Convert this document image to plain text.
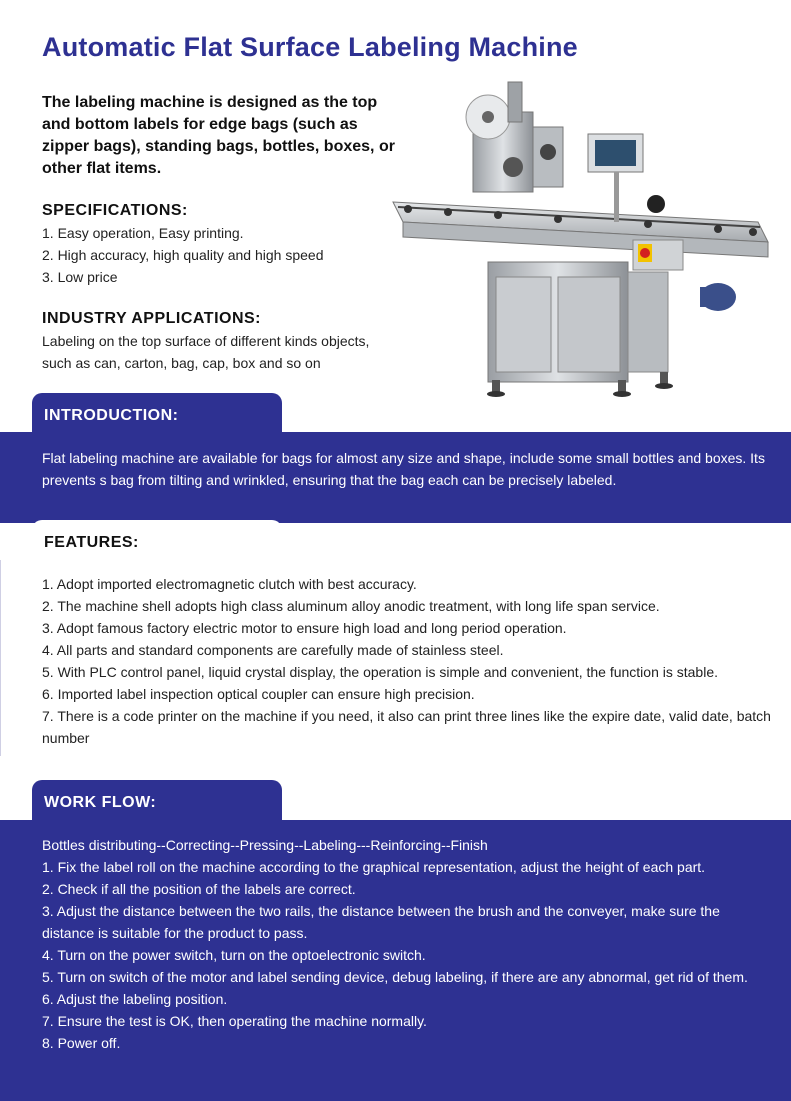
Automatic Flat Surface Labeling Machine
The labeling machine is designed as the top and bottom labels for edge bags (such as zipper bags), standing bags, bottles, boxes, or other flat items.
SPECIFICATIONS:
1. Easy operation, Easy printing.
2. High accuracy, high quality and high speed
3. Low price
INDUSTRY APPLICATIONS:
Labeling on the top surface of different kinds objects, such as can, carton, bag, cap, box and so on
INTRODUCTION:
Flat labeling machine are available for bags for almost any size and shape, include some small bottles and boxes. Its prevents s bag from tilting and wrinkled, ensuring that the bag each can be precisely labeled.
FEATURES:
1. Adopt imported electromagnetic clutch with best accuracy.
2. The machine shell adopts high class aluminum alloy anodic treatment, with long life span service.
3. Adopt famous factory electric motor to ensure high load and long period operation.
4. All parts and standard components are carefully made of stainless steel.
5. With PLC control panel, liquid crystal display, the operation is simple and convenient, the function is stable.
6. Imported label inspection optical coupler can ensure high precision.
7. There is a code printer on the machine if you need, it also can print three lines like the expire date, valid date, batch number
WORK FLOW:
Bottles distributing--Correcting--Pressing--Labeling---Reinforcing--Finish
1. Fix the label roll on the machine according to the graphical representation, adjust the height of each part.
2. Check if all the position of the labels are correct.
3. Adjust the distance between the two rails, the distance between the brush and the conveyer, make sure the distance is suitable for the product to pass.
4. Turn on the power switch, turn on the optoelectronic switch.
5. Turn on switch of the motor and label sending device, debug labeling, if there are any abnormal, get rid of them.
6. Adjust the labeling position.
7. Ensure the test is OK, then operating the machine normally.
8. Power off.
